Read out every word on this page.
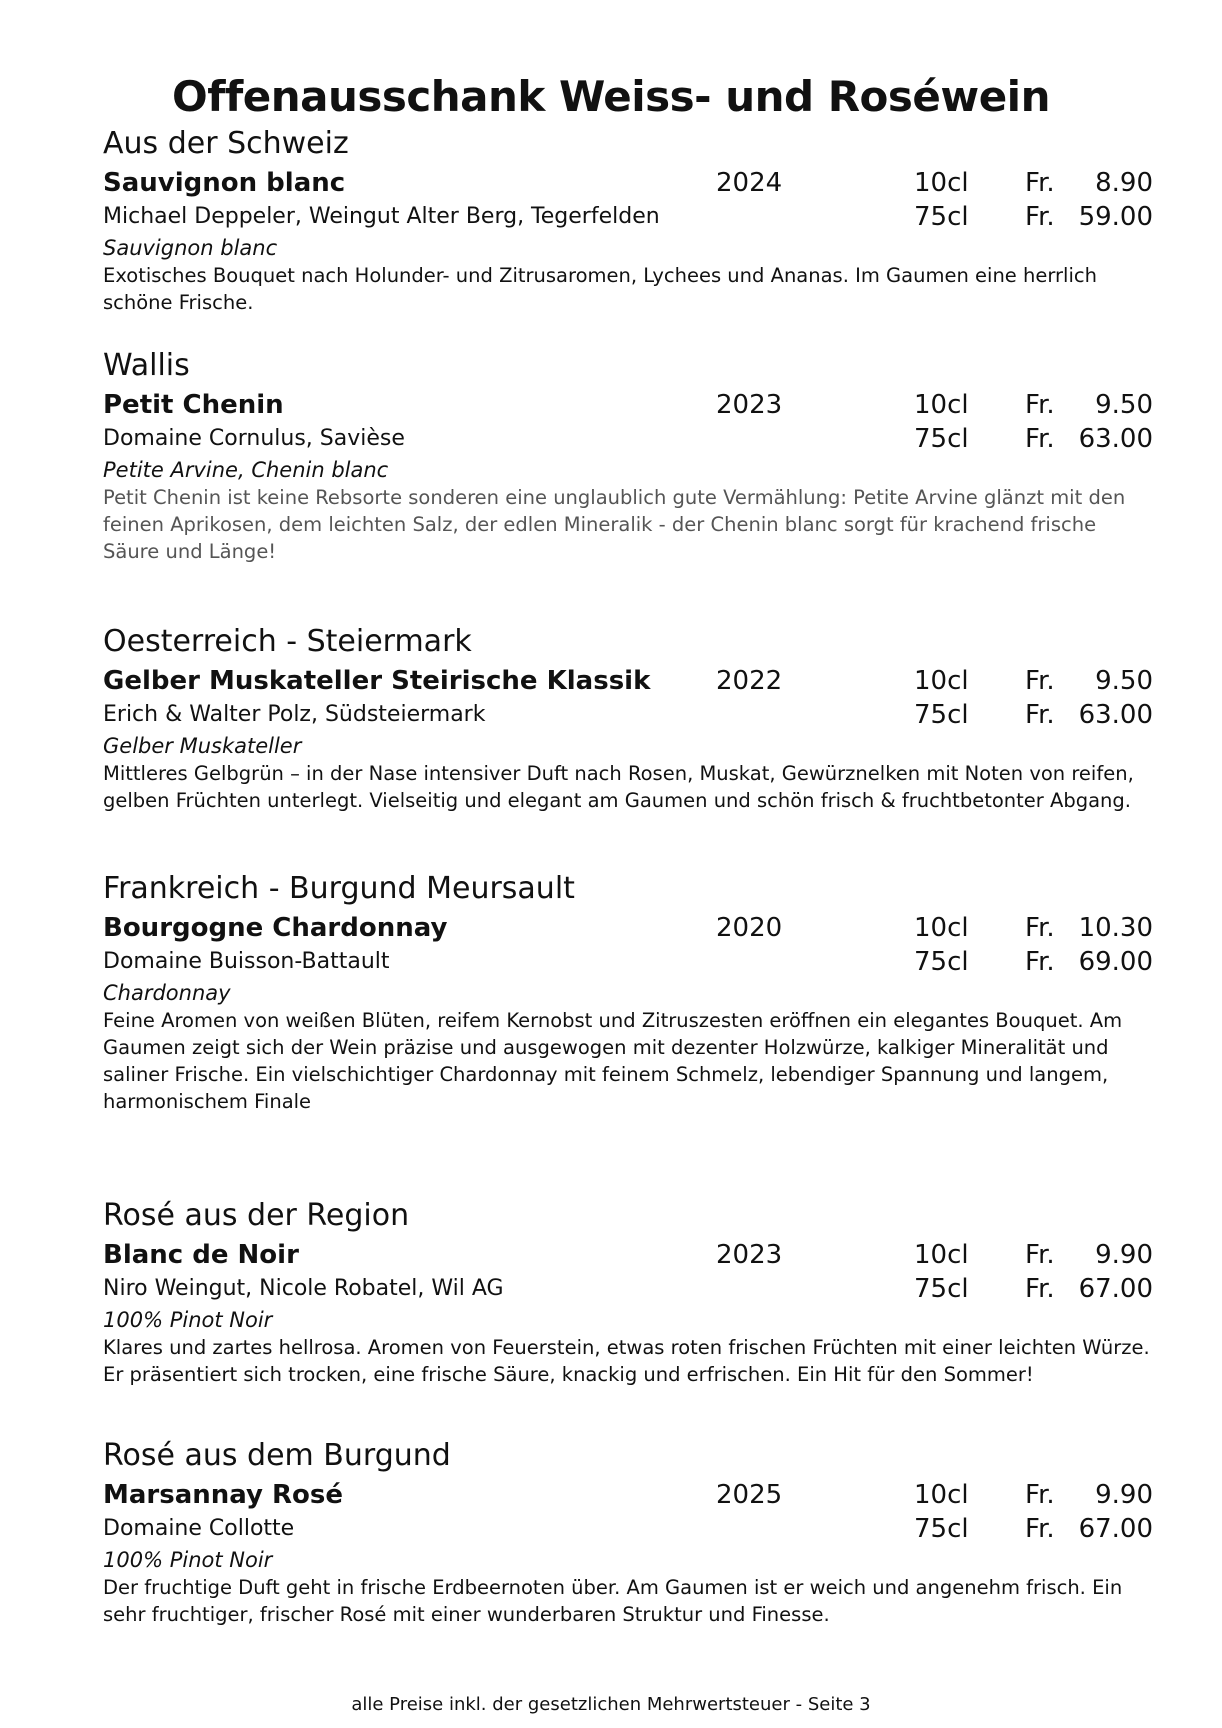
Offenausschank Weiss- und Roséwein
Aus der Schweiz
Sauvignon blanc	2024	10cl Fr. 8.90
Michael Deppeler, Weingut Alter Berg, Tegerfelden	75cl Fr. 59.00
Sauvignon blanc
Exotisches Bouquet nach Holunder- und Zitrusaromen, Lychees und Ananas. Im Gaumen eine herrlich schöne Frische.
Wallis
Petit Chenin	2023	10cl Fr. 9.50
Domaine Cornulus, Savièse	75cl Fr. 63.00
Petite Arvine, Chenin blanc
Petit Chenin ist keine Rebsorte sonderen eine unglaublich gute Vermählung: Petite Arvine glänzt mit den feinen Aprikosen, dem leichten Salz, der edlen Mineralik - der Chenin blanc sorgt für krachend frische Säure und Länge!
Oesterreich - Steiermark
Gelber Muskateller Steirische Klassik	2022	10cl Fr. 9.50
Erich & Walter Polz, Südsteiermark	75cl Fr. 63.00
Gelber Muskateller
Mittleres Gelbgrün – in der Nase intensiver Duft nach Rosen, Muskat, Gewürznelken mit Noten von reifen, gelben Früchten unterlegt. Vielseitig und elegant am Gaumen und schön frisch & fruchtbetonter Abgang.
Frankreich - Burgund Meursault
Bourgogne Chardonnay	2020	10cl Fr. 10.30
Domaine Buisson-Battault	75cl Fr. 69.00
Chardonnay
Feine Aromen von weißen Blüten, reifem Kernobst und Zitruszesten eröffnen ein elegantes Bouquet. Am Gaumen zeigt sich der Wein präzise und ausgewogen mit dezenter Holzwürze, kalkiger Mineralität und saliner Frische. Ein vielschichtiger Chardonnay mit feinem Schmelz, lebendiger Spannung und langem, harmonischem Finale
Rosé aus der Region
Blanc de Noir	2023	10cl Fr. 9.90
Niro Weingut, Nicole Robatel, Wil AG	75cl Fr. 67.00
100% Pinot Noir
Klares und zartes hellrosa. Aromen von Feuerstein, etwas roten frischen Früchten mit einer leichten Würze. Er präsentiert sich trocken, eine frische Säure, knackig und erfrischen. Ein Hit für den Sommer!
Rosé aus dem Burgund
Marsannay Rosé	2025	10cl Fr. 9.90
Domaine Collotte	75cl Fr. 67.00
100% Pinot Noir
Der fruchtige Duft geht in frische Erdbeernoten über. Am Gaumen ist er weich und angenehm frisch. Ein sehr fruchtiger, frischer Rosé mit einer wunderbaren Struktur und Finesse.
alle Preise inkl. der gesetzlichen Mehrwertsteuer - Seite 3
